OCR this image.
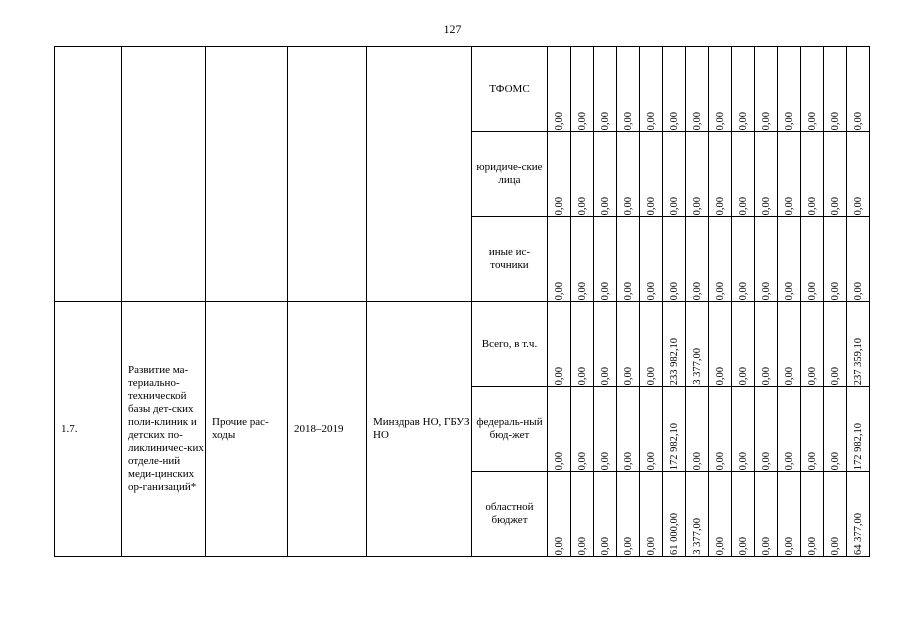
127
					ТФОМС	0,00	0,00	0,00	0,00	0,00	0,00	0,00	0,00	0,00	0,00	0,00	0,00	0,00	0,00

					юридиче-ские лица	0,00	0,00	0,00	0,00	0,00	0,00	0,00	0,00	0,00	0,00	0,00	0,00	0,00	0,00

					иные ис-точники	0,00	0,00	0,00	0,00	0,00	0,00	0,00	0,00	0,00	0,00	0,00	0,00	0,00	0,00

1.7.	Развитие ма-териально-технической базы дет-ских поли-клиник и детских по-ликлиничес-ких отделе-ний меди-цинских ор-ганизаций*	Прочие рас-ходы	2018–2019	Минздрав НО, ГБУЗ НО	Всего, в т.ч.	0,00	0,00	0,00	0,00	0,00	233 982,10	3 377,00	0,00	0,00	0,00	0,00	0,00	0,00	237 359,10

					федераль-ный бюд-жет	0,00	0,00	0,00	0,00	0,00	172 982,10	0,00	0,00	0,00	0,00	0,00	0,00	0,00	172 982,10

					областной бюджет	0,00	0,00	0,00	0,00	0,00	61 000,00	3 377,00	0,00	0,00	0,00	0,00	0,00	0,00	64 377,00
